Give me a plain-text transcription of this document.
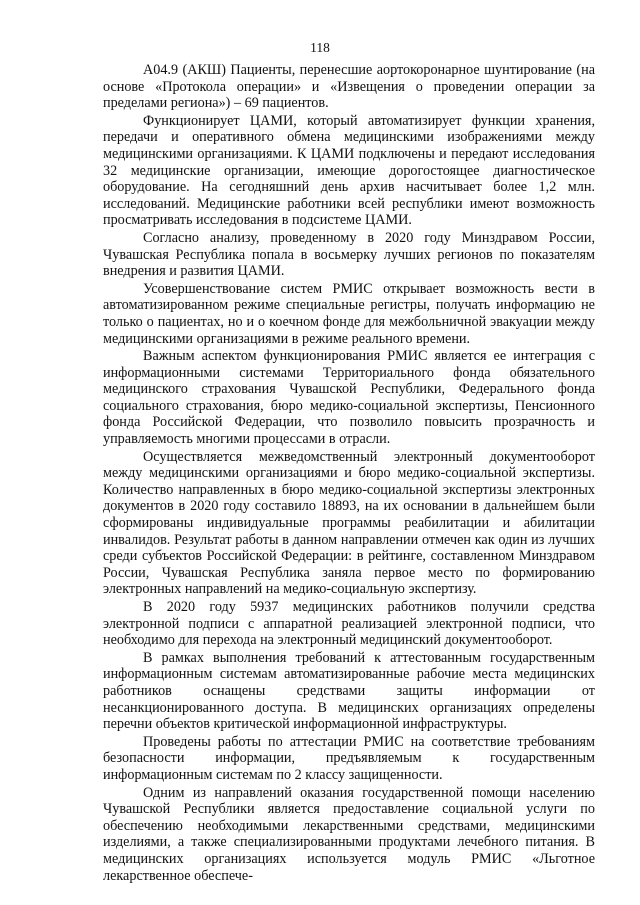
118

А04.9 (АКШ) Пациенты, перенесшие аортокоронарное шунтирование (на основе «Протокола операции» и «Извещения о проведении операции за пределами региона») – 69 пациентов.

Функционирует ЦАМИ, который автоматизирует функции хранения, передачи и оперативного обмена медицинскими изображениями между медицинскими организациями. К ЦАМИ подключены и передают исследования 32 медицинские организации, имеющие дорогостоящее диагностическое оборудование. На сегодняшний день архив насчитывает более 1,2 млн. исследований. Медицинские работники всей республики имеют возможность просматривать исследования в подсистеме ЦАМИ.

Согласно анализу, проведенному в 2020 году Минздравом России, Чувашская Республика попала в восьмерку лучших регионов по показателям внедрения и развития ЦАМИ.

Усовершенствование систем РМИС открывает возможность вести в автоматизированном режиме специальные регистры, получать информацию не только о пациентах, но и о коечном фонде для межбольничной эвакуации между медицинскими организациями в режиме реального времени.

Важным аспектом функционирования РМИС является ее интеграция с информационными системами Территориального фонда обязательного медицинского страхования Чувашской Республики, Федерального фонда социального страхования, бюро медико-социальной экспертизы, Пенсионного фонда Российской Федерации, что позволило повысить прозрачность и управляемость многими процессами в отрасли.

Осуществляется межведомственный электронный документооборот между медицинскими организациями и бюро медико-социальной экспертизы. Количество направленных в бюро медико-социальной экспертизы электронных документов в 2020 году составило 18893, на их основании в дальнейшем были сформированы индивидуальные программы реабилитации и абилитации инвалидов. Результат работы в данном направлении отмечен как один из лучших среди субъектов Российской Федерации: в рейтинге, составленном Минздравом России, Чувашская Республика заняла первое место по формированию электронных направлений на медико-социальную экспертизу.

В 2020 году 5937 медицинских работников получили средства электронной подписи с аппаратной реализацией электронной подписи, что необходимо для перехода на электронный медицинский документооборот.

В рамках выполнения требований к аттестованным государственным информационным системам автоматизированные рабочие места медицинских работников оснащены средствами защиты информации от несанкционированного доступа. В медицинских организациях определены перечни объектов критической информационной инфраструктуры.

Проведены работы по аттестации РМИС на соответствие требованиям безопасности информации, предъявляемым к государственным информационным системам по 2 классу защищенности.

Одним из направлений оказания государственной помощи населению Чувашской Республики является предоставление социальной услуги по обеспечению необходимыми лекарственными средствами, медицинскими изделиями, а также специализированными продуктами лечебного питания. В медицинских организациях используется модуль РМИС «Льготное лекарственное обеспече-
